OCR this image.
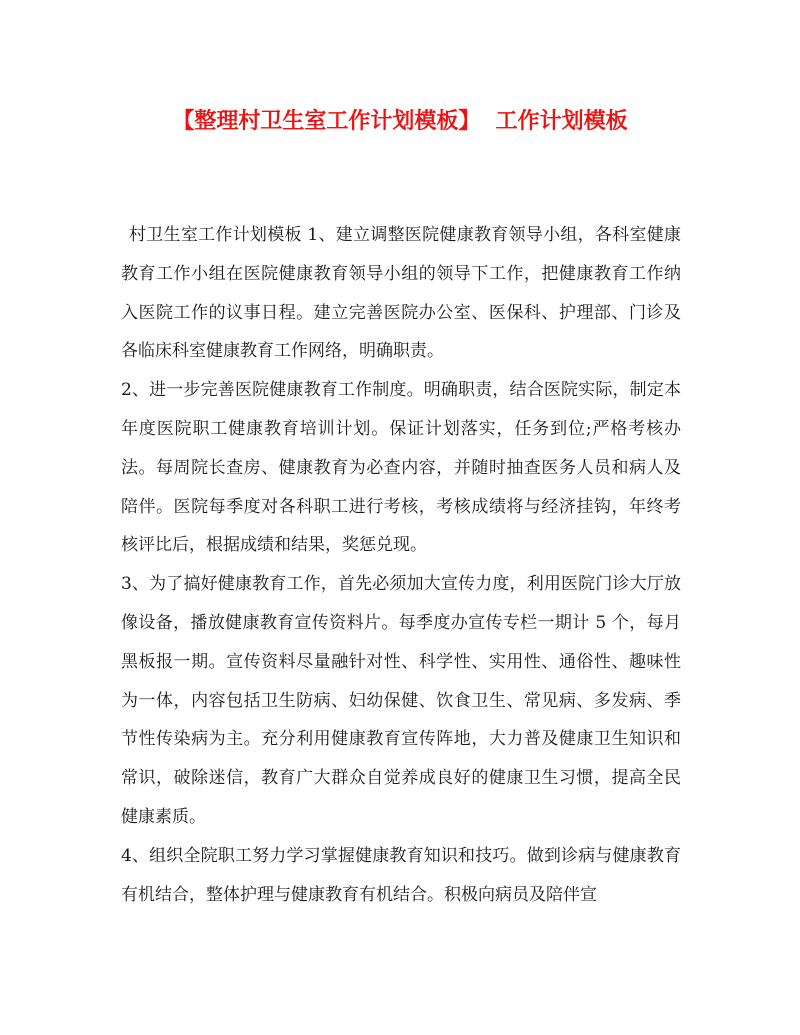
【整理村卫生室工作计划模板】 工作计划模板

村卫生室工作计划模板 1、建立调整医院健康教育领导小组，各科室健康教育工作小组在医院健康教育领导小组的领导下工作，把健康教育工作纳入医院工作的议事日程。建立完善医院办公室、医保科、护理部、门诊及各临床科室健康教育工作网络，明确职责。

2、进一步完善医院健康教育工作制度。明确职责，结合医院实际，制定本年度医院职工健康教育培训计划。保证计划落实，任务到位;严格考核办法。每周院长查房、健康教育为必查内容，并随时抽查医务人员和病人及陪伴。医院每季度对各科职工进行考核，考核成绩将与经济挂钩，年终考核评比后，根据成绩和结果，奖惩兑现。

3、为了搞好健康教育工作，首先必须加大宣传力度，利用医院门诊大厅放像设备，播放健康教育宣传资料片。每季度办宣传专栏一期计 5 个，每月黑板报一期。宣传资料尽量融针对性、科学性、实用性、通俗性、趣味性为一体，内容包括卫生防病、妇幼保健、饮食卫生、常见病、多发病、季节性传染病为主。充分利用健康教育宣传阵地，大力普及健康卫生知识和常识，破除迷信，教育广大群众自觉养成良好的健康卫生习惯，提高全民健康素质。

4、组织全院职工努力学习掌握健康教育知识和技巧。做到诊病与健康教育有机结合，整体护理与健康教育有机结合。积极向病员及陪伴宣
